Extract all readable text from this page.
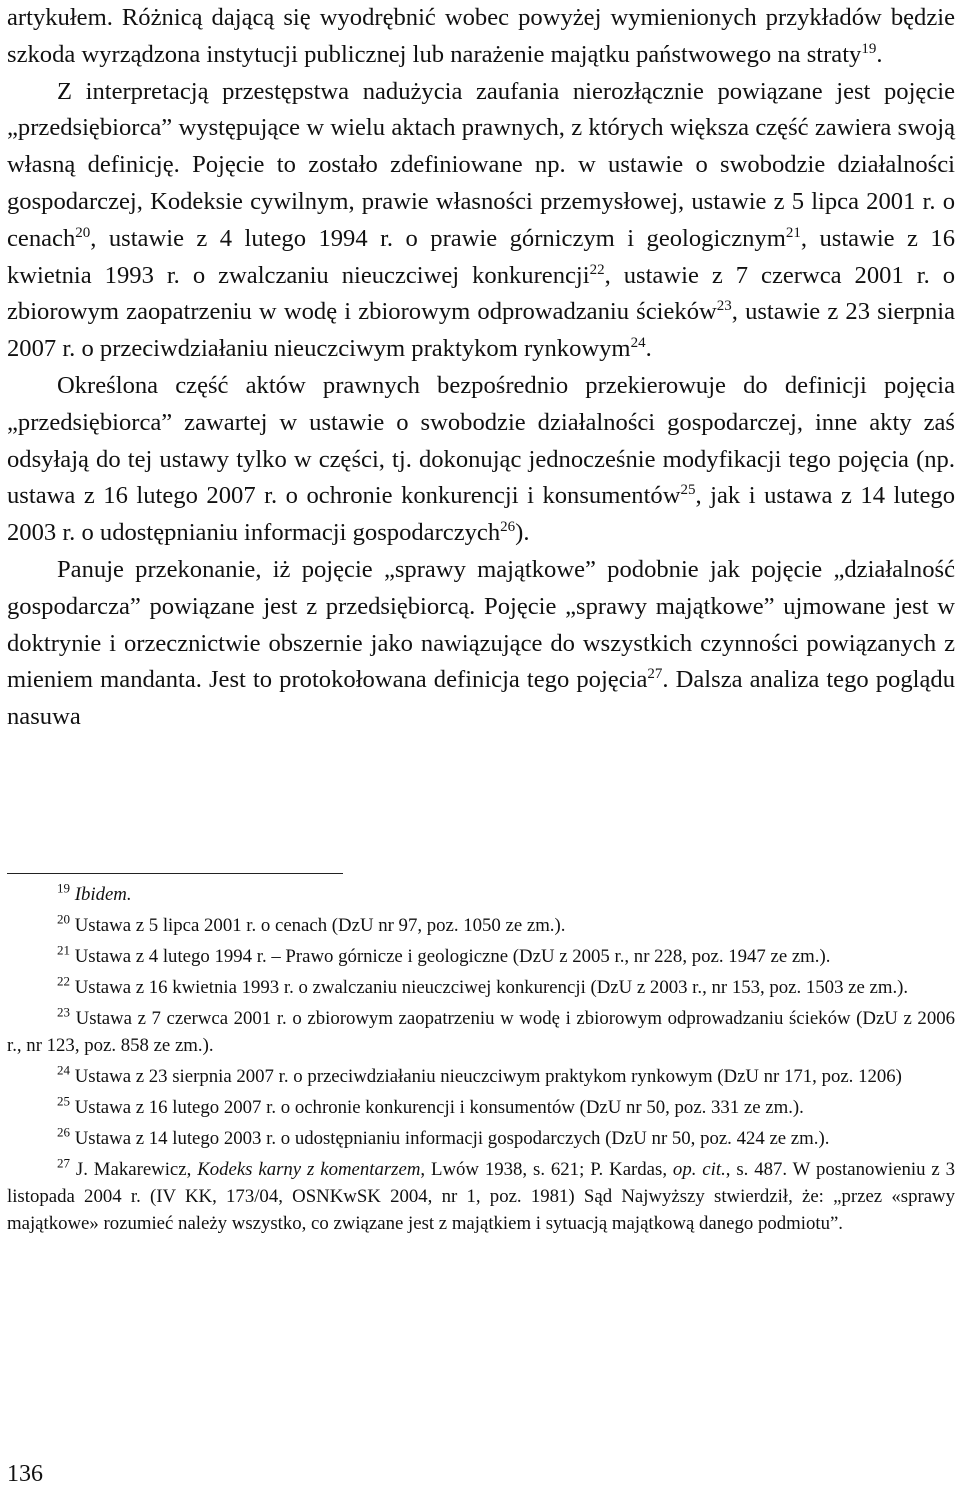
artykułem. Różnicą dającą się wyodrębnić wobec powyżej wymienionych przykładów będzie szkoda wyrządzona instytucji publicznej lub narażenie majątku państwowego na straty$^{19}$.

Z interpretacją przestępstwa nadużycia zaufania nierozłącznie powiązane jest pojęcie „przedsiębiorca” występujące w wielu aktach prawnych, z których większa część zawiera swoją własną definicję. Pojęcie to zostało zdefiniowane np. w ustawie o swobodzie działalności gospodarczej, Kodeksie cywilnym, prawie własności przemysłowej, ustawie z 5 lipca 2001 r. o cenach$^{20}$, ustawie z 4 lutego 1994 r. o prawie górniczym i geologicznym$^{21}$, ustawie z 16 kwietnia 1993 r. o zwalczaniu nieuczciwej konkurencji$^{22}$, ustawie z 7 czerwca 2001 r. o zbiorowym zaopatrzeniu w wodę i zbiorowym odprowadzaniu ścieków$^{23}$, ustawie z 23 sierpnia 2007 r. o przeciwdziałaniu nieuczciwym praktykom rynkowym$^{24}$.

Określona część aktów prawnych bezpośrednio przekierowuje do definicji pojęcia „przedsiębiorca” zawartej w ustawie o swobodzie działalności gospodarczej, inne akty zaś odsyłają do tej ustawy tylko w części, tj. dokonując jednocześnie modyfikacji tego pojęcia (np. ustawa z 16 lutego 2007 r. o ochronie konkurencji i konsumentów$^{25}$, jak i ustawa z 14 lutego 2003 r. o udostępnianiu informacji gospodarczych$^{26}$).

Panuje przekonanie, iż pojęcie „sprawy majątkowe” podobnie jak pojęcie „działalność gospodarcza” powiązane jest z przedsiębiorcą. Pojęcie „sprawy majątkowe” ujmowane jest w doktrynie i orzecznictwie obszernie jako nawiązujące do wszystkich czynności powiązanych z mieniem mandanta. Jest to protokołowana definicja tego pojęcia$^{27}$. Dalsza analiza tego poglądu nasuwa

$^{19}$ Ibidem.

$^{20}$ Ustawa z 5 lipca 2001 r. o cenach (DzU nr 97, poz. 1050 ze zm.).

$^{21}$ Ustawa z 4 lutego 1994 r. – Prawo górnicze i geologiczne (DzU z 2005 r., nr 228, poz. 1947 ze zm.).

$^{22}$ Ustawa z 16 kwietnia 1993 r. o zwalczaniu nieuczciwej konkurencji (DzU z 2003 r., nr 153, poz. 1503 ze zm.).

$^{23}$ Ustawa z 7 czerwca 2001 r. o zbiorowym zaopatrzeniu w wodę i zbiorowym odprowadzaniu ścieków (DzU z 2006 r., nr 123, poz. 858 ze zm.).

$^{24}$ Ustawa z 23 sierpnia 2007 r. o przeciwdziałaniu nieuczciwym praktykom rynkowym (DzU nr 171, poz. 1206)

$^{25}$ Ustawa z 16 lutego 2007 r. o ochronie konkurencji i konsumentów (DzU nr 50, poz. 331 ze zm.).

$^{26}$ Ustawa z 14 lutego 2003 r. o udostępnianiu informacji gospodarczych (DzU nr 50, poz. 424 ze zm.).

$^{27}$ J. Makarewicz, Kodeks karny z komentarzem, Lwów 1938, s. 621; P. Kardas, op. cit., s. 487. W postanowieniu z 3 listopada 2004 r. (IV KK, 173/04, OSNKwSK 2004, nr 1, poz. 1981) Sąd Najwyższy stwierdził, że: „przez «sprawy majątkowe» rozumieć należy wszystko, co związane jest z majątkiem i sytuacją majątkową danego podmiotu”.

136
